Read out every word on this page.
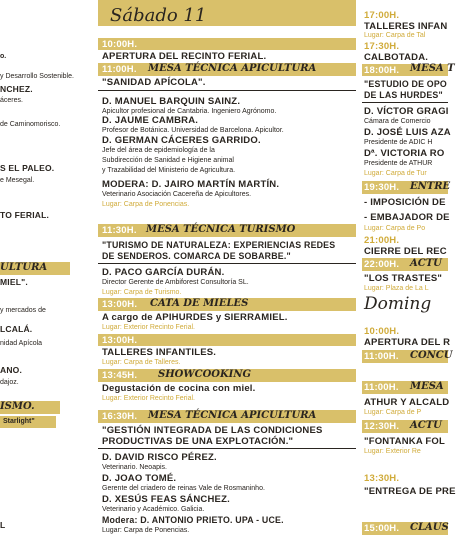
o.
y Desarrollo Sostenible.
NCHEZ.
áceres.
de Caminomorisco.
S EL PALEO.
e Mesegal.
TO FERIAL.
ULTURA
MIEL".
y mercados de
LCALÁ.
nidad Apícola
ANO.
dajoz.
ISMO.
Starlight"
L
Sábado 11
10:00H.
APERTURA DEL RECINTO FERIAL.
11:00H. MESA TÉCNICA APICULTURA
"SANIDAD APÍCOLA".
D. MANUEL BARQUIN SAINZ.
Apicultor profesional de Cantabria. Ingeniero Agrónomo.
D. JAUME CAMBRA.
Profesor de Botánica. Universidad de Barcelona. Apicultor.
D. GERMAN CÁCERES GARRIDO.
Jefe del área de epidemiología de la
Subdirección de Sanidad e Higiene animal
y Trazabilidad del Ministerio de Agricultura.
MODERA: D. JAIRO MARTÍN MARTÍN.
Veterinario Asociación Cacereña de Apicultores.
Lugar: Carpa de Ponencias.
11:30H. MESA TÉCNICA TURISMO
"TURISMO DE NATURALEZA: EXPERIENCIAS REDES
DE SENDEROS. COMARCA DE SOBARBE."
D. PACO GARCÍA DURÁN.
Director Gerente de Ambiforest Consultoría SL.
Lugar: Carpa de Turismo.
13:00H. CATA DE MIELES
A cargo de APIHURDES y SIERRAMIEL.
Lugar: Exterior Recinto Ferial.
13:00H.
TALLERES INFANTILES.
Lugar: Carpa de Talleres.
13:45H. SHOWCOOKING
Degustación de cocina con miel.
Lugar: Exterior Recinto Ferial.
16:30H. MESA TÉCNICA APICULTURA
"GESTIÓN INTEGRADA DE LAS CONDICIONES
PRODUCTIVAS DE UNA EXPLOTACIÓN."
D. DAVID RISCO PÉREZ.
Veterinario. Neoapis.
D. JOAO TOMÉ.
Gerente del criadero de reinas Vale de Rosmaninho.
D. XESÚS FEAS SÁNCHEZ.
Veterinario y Académico. Galicia.
Modera: D. ANTONIO PRIETO. UPA - UCE.
Lugar: Carpa de Ponencias.
17:00H.
TALLERES INFAN
Lugar: Carpa de Tal
17:30H.
CALBOTADA.
18:00H. MESA T
"ESTUDIO DE OPO
DE LAS HURDES"
D. VÍCTOR GRAGI
Cámara de Comercio
D. JOSÉ LUIS AZA
Presidente de ADIC H
Dª. VICTORIA RO
Presidente de ATHUR
Lugar: Carpa de Tur
19:30H. ENTRE
- IMPOSICIÓN DE
- EMBAJADOR DE
Lugar: Carpa de Po
21:00H.
CIERRE DEL REC
22:00H. ACTU
"LOS TRASTES"
Lugar: Plaza de La L
Doming
10:00H.
APERTURA DEL R
11:00H. CONCU
11:00H. MESA
ATHUR Y ALCALD
Lugar: Carpa de P
12:30H. ACTU
"FONTANKA FOL
Lugar: Exterior Re
13:30H.
"ENTREGA DE PRE
15:00H. CLAUS
